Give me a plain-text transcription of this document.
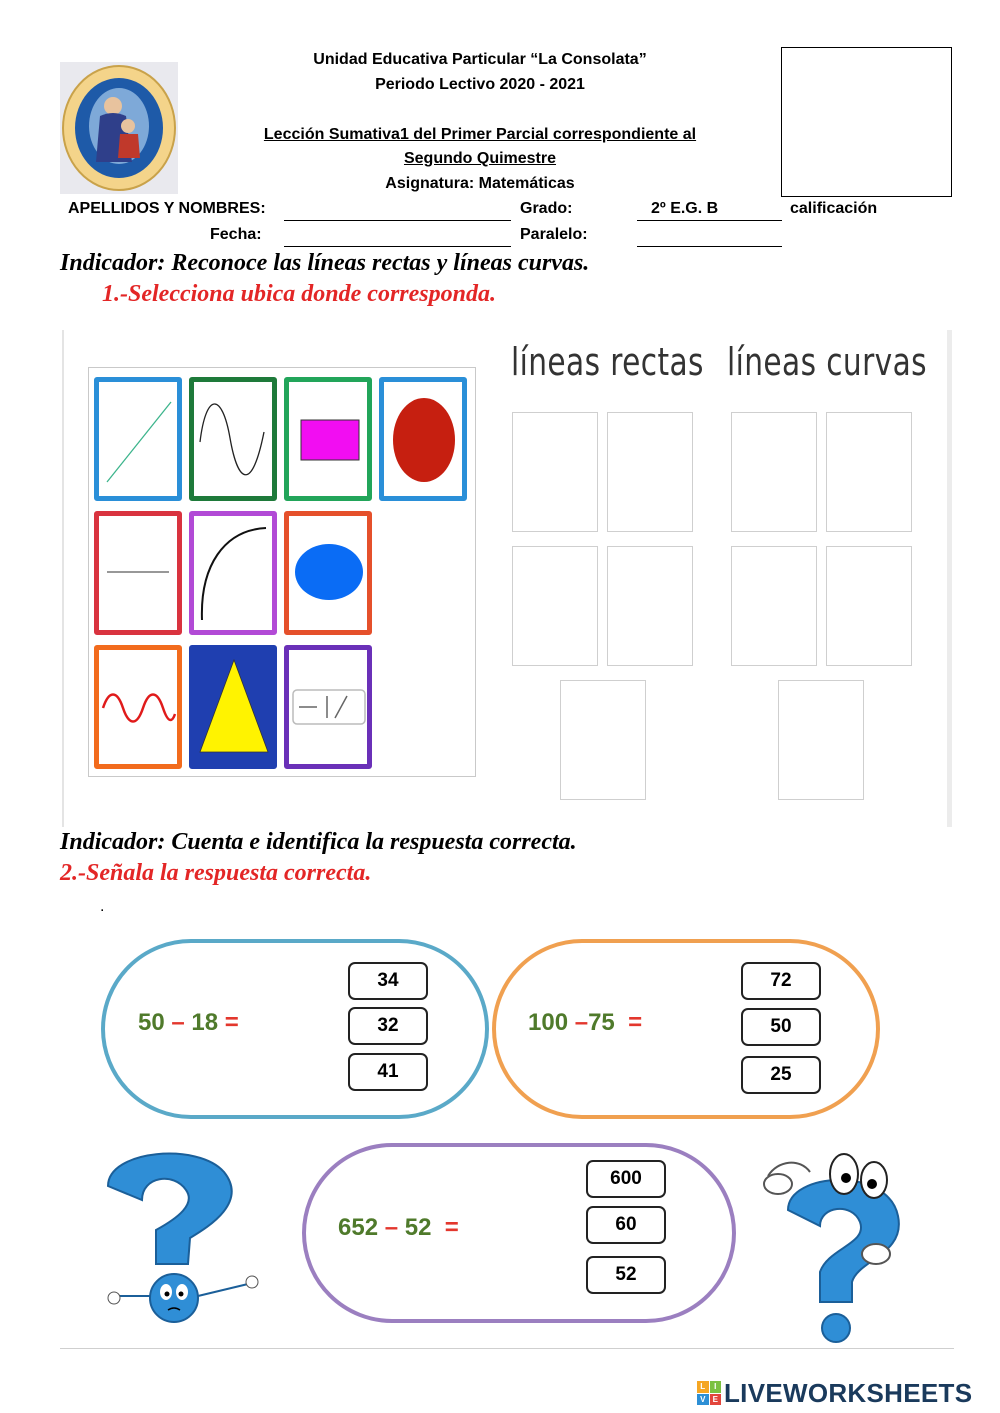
Unidad Educativa Particular “La Consolata”
Periodo Lectivo 2020 - 2021
Lección Sumativa1 del Primer Parcial correspondiente al
Segundo Quimestre
Asignatura: Matemáticas
APELLIDOS Y NOMBRES:	Grado:	2º E.G. B	calificación
Fecha:	Paralelo:
Indicador: Reconoce las líneas rectas y líneas curvas.
1.-Selecciona ubica donde corresponda.
líneas rectas líneas curvas
Indicador: Cuenta e identifica la respuesta correcta.
2.-Señala la respuesta correcta.
.
50 – 18 =
34
32
41
100 –75 =
72
50
25
652 – 52 =
600
60
52
L	I
V E LIVEWORKSHEETS
